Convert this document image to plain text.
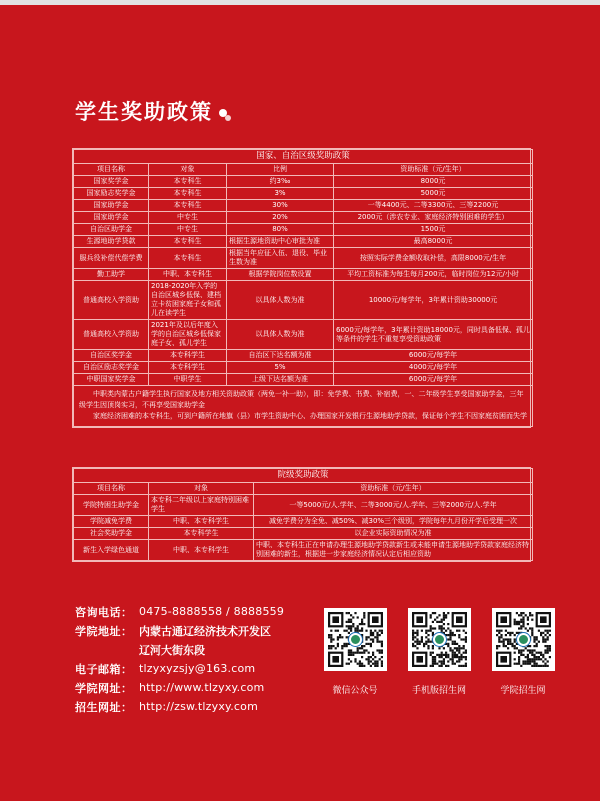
学生奖助政策
国家、自治区级奖助政策			
项目名称	对象	比例	资助标准（元/生年）
国家奖学金	本专科生	约3‰	8000元
国家励志奖学金	本专科生	3%	5000元
国家助学金	本专科生	30%	一等4400元、二等3300元、三等2200元
国家助学金	中专生	20%	2000元（涉农专业、家庭经济特别困难的学生）
自治区助学金	中专生	80%	1500元
生源地助学贷款	本专科生	根据生源地资助中心审批为准	最高8000元
服兵役补偿代偿学费	本专科生	根据当年应征入伍、退役、毕业生数为准	按照实际学费金额收取补偿，高限8000元/生年
勤工助学	中职、本专科生	根据学院岗位数设置	平均工资标准为每生每月200元，临时岗位为12元/小时
普通高校入学资助	2018-2020年入学的自治区城乡低保、建档立卡贫困家庭子女和孤儿在读学生	以具体人数为准	10000元/每学年，3年累计资助30000元
普通高校入学资助	2021年及以后年度入学的自治区城乡低保家庭子女、孤儿学生	以具体人数为准	6000元/每学年，3年累计资助18000元，同时具备低保、孤儿等条件的学生不重复享受资助政策
自治区奖学金	本专科学生	自治区下达名额为准	6000元/每学年
自治区励志奖学金	本专科学生	5%	4000元/每学年
中职国家奖学金	中职学生	上级下达名额为准	6000元/每学年

中职类内蒙古户籍学生执行国家及地方相关资助政策（两免一补一助），即：免学费、书费、补宿费，一、二年级学生享受国家助学金，三年级学生因顶岗实习，不再享受国家助学金

家庭经济困难的本专科生，可到户籍所在地旗（县）市学生资助中心、办理国家开发银行生源地助学贷款，保证每个学生不因家庭贫困而失学			

院级奖助政策		
项目名称	对象	资助标准（元/生年）
学院特困生助学金	本专科二年级以上家庭特别困难学生	一等5000元/人.学年、二等3000元/人.学年、三等2000元/人.学年
学院减免学费	中职、本专科学生	减免学费分为全免、减50%、减30%三个级别，学院每年九月份开学后受理一次
社会奖助学金	本专科学生	以企业实际资助情况为准
新生入学绿色通道	中职、本专科学生	中职、本专科生正在申请办理生源地助学贷款新生或未能申请生源地助学贷款家庭经济特别困难的新生，根据进一步家庭经济情况认定后相应资助
咨询电话： 0475-8888558 / 8888559
学院地址： 内蒙古通辽经济技术开发区
辽河大街东段
电子邮箱： tlzyxyzsjy@163.com
学院网址： http://www.tlzyxy.com
招生网址： http://zsw.tlzyxy.com
微信公众号	手机版招生网	学院招生网
